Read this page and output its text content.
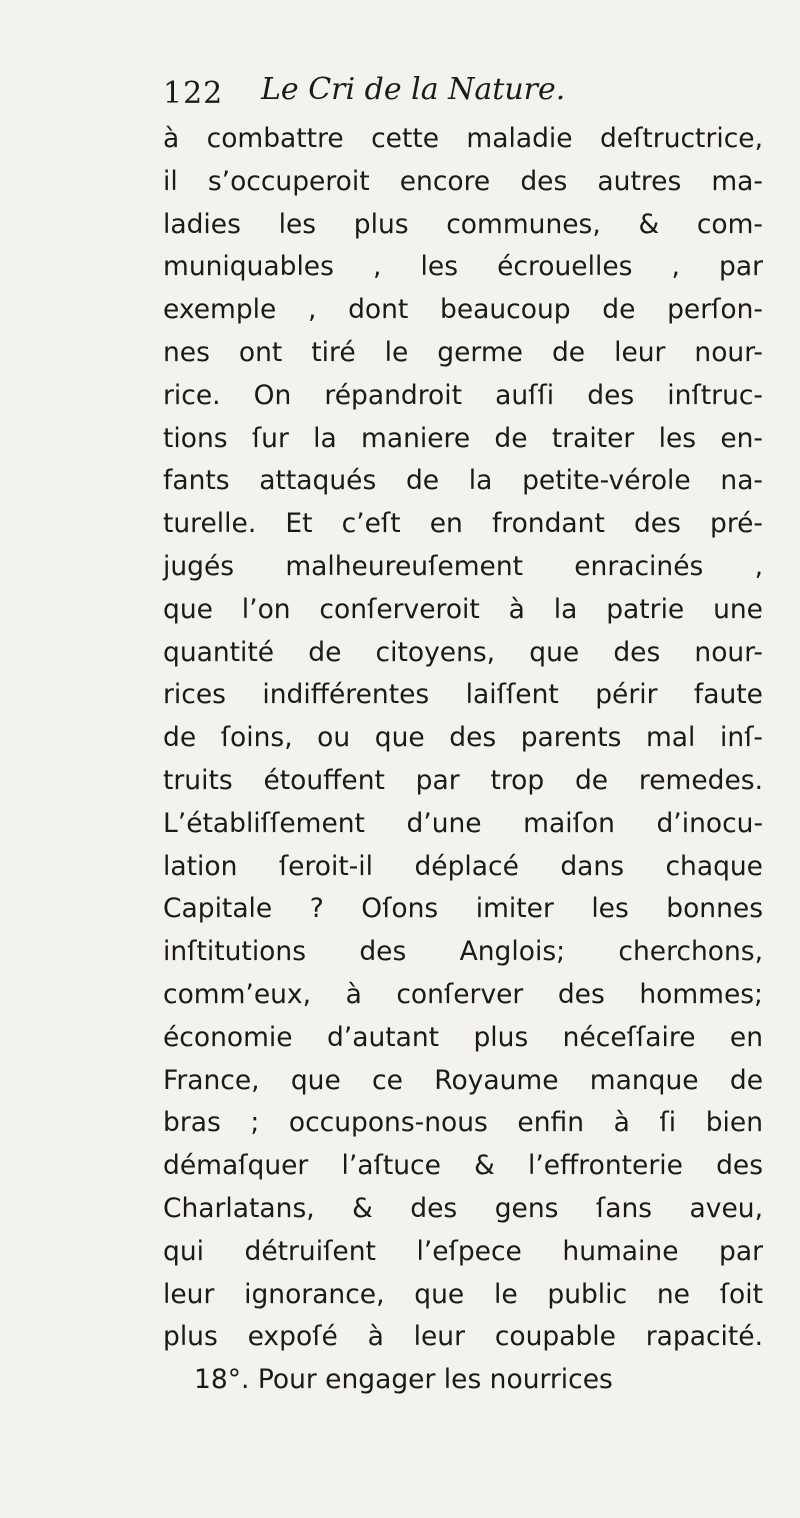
122 Le Cri de la Nature.
à combattre cette maladie deſtructrice,
il s’occuperoit encore des autres ma-
ladies les plus communes, & com-
muniquables , les écrouelles , par
exemple , dont beaucoup de perſon-
nes ont tiré le germe de leur nour-
rice. On répandroit auſſi des inſtruc-
tions ſur la maniere de traiter les en-
fants attaqués de la petite-vérole na-
turelle. Et c’eſt en frondant des pré-
jugés malheureuſement enracinés ,
que l’on conſerveroit à la patrie une
quantité de citoyens, que des nour-
rices indifférentes laiſſent périr faute
de ſoins, ou que des parents mal inſ-
truits étouffent par trop de remedes.
L’établiſſement d’une maiſon d’inocu-
lation ſeroit-il déplacé dans chaque
Capitale ? Oſons imiter les bonnes
inſtitutions des Anglois; cherchons,
comm’eux, à conſerver des hommes;
économie d’autant plus néceſſaire en
France, que ce Royaume manque de
bras ; occupons-nous enfin à ſi bien
démaſquer l’aſtuce & l’effronterie des
Charlatans, & des gens ſans aveu,
qui détruiſent l’eſpece humaine par
leur ignorance, que le public ne ſoit
plus expoſé à leur coupable rapacité.
18°. Pour engager les nourrices
